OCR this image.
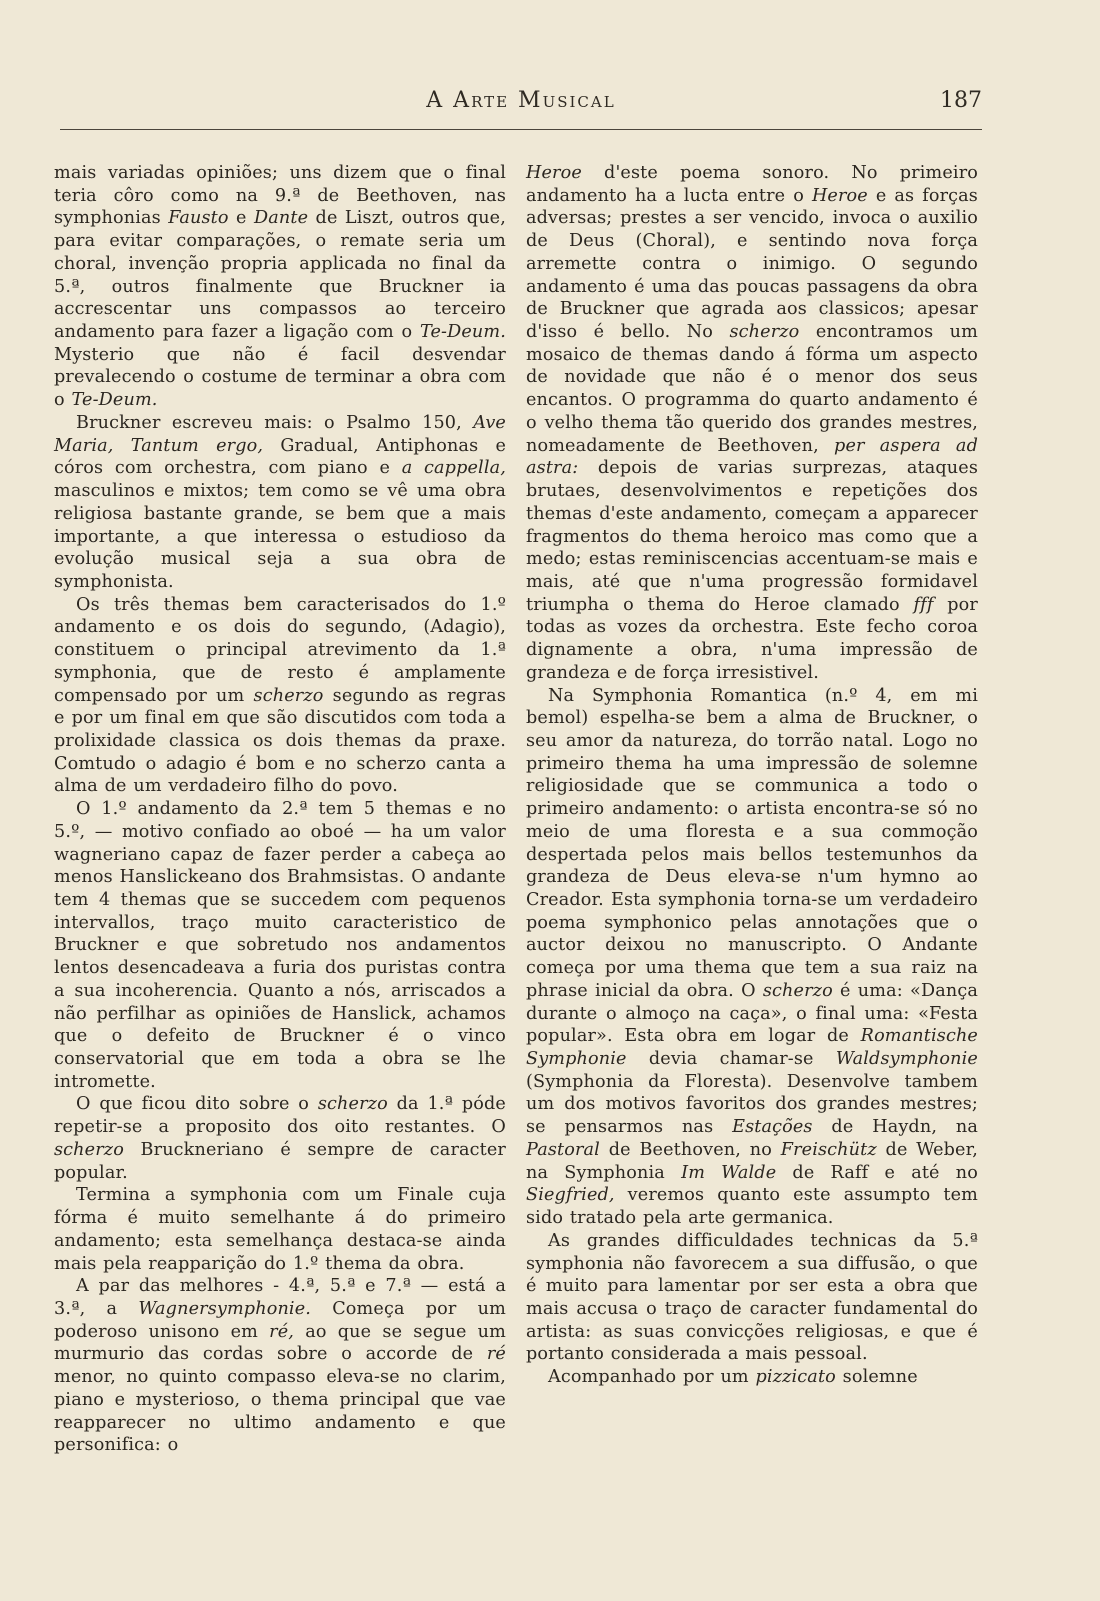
A Arte Musical	187

mais variadas opiniões; uns dizem que o final teria côro como na 9.ª de Beethoven, nas symphonias Fausto e Dante de Liszt, outros que, para evitar comparações, o remate seria um choral, invenção propria applicada no final da 5.ª, outros finalmente que Bruckner ia accrescentar uns compassos ao terceiro andamento para fazer a ligação com o Te-Deum. Mysterio que não é facil desvendar prevalecendo o costume de terminar a obra com o Te-Deum.

Bruckner escreveu mais: o Psalmo 150, Ave Maria, Tantum ergo, Gradual, Antiphonas e córos com orchestra, com piano e a cappella, masculinos e mixtos; tem como se vê uma obra religiosa bastante grande, se bem que a mais importante, a que interessa o estudioso da evolução musical seja a sua obra de symphonista.

Os três themas bem caracterisados do 1.º andamento e os dois do segundo, (Adagio), constituem o principal atrevimento da 1.ª symphonia, que de resto é amplamente compensado por um scherzo segundo as regras e por um final em que são discutidos com toda a prolixidade classica os dois themas da praxe. Comtudo o adagio é bom e no scherzo canta a alma de um verdadeiro filho do povo.

O 1.º andamento da 2.ª tem 5 themas e no 5.º, — motivo confiado ao oboé — ha um valor wagneriano capaz de fazer perder a cabeça ao menos Hanslickeano dos Brahmsistas. O andante tem 4 themas que se succedem com pequenos intervallos, traço muito caracteristico de Bruckner e que sobretudo nos andamentos lentos desencadeava a furia dos puristas contra a sua incoherencia. Quanto a nós, arriscados a não perfilhar as opiniões de Hanslick, achamos que o defeito de Bruckner é o vinco conservatorial que em toda a obra se lhe intromette.

O que ficou dito sobre o scherzo da 1.ª póde repetir-se a proposito dos oito restantes. O scherzo Bruckneriano é sempre de caracter popular.

Termina a symphonia com um Finale cuja fórma é muito semelhante á do primeiro andamento; esta semelhança destaca-se ainda mais pela reapparição do 1.º thema da obra.

A par das melhores - 4.ª, 5.ª e 7.ª — está a 3.ª, a Wagnersymphonie. Começa por um poderoso unisono em ré, ao que se segue um murmurio das cordas sobre o accorde de ré menor, no quinto compasso eleva-se no clarim, piano e mysterioso, o thema principal que vae reapparecer no ultimo andamento e que personifica: o

Heroe d'este poema sonoro. No primeiro andamento ha a lucta entre o Heroe e as forças adversas; prestes a ser vencido, invoca o auxilio de Deus (Choral), e sentindo nova força arremette contra o inimigo. O segundo andamento é uma das poucas passagens da obra de Bruckner que agrada aos classicos; apesar d'isso é bello. No scherzo encontramos um mosaico de themas dando á fórma um aspecto de novidade que não é o menor dos seus encantos. O programma do quarto andamento é o velho thema tão querido dos grandes mestres, nomeadamente de Beethoven, per aspera ad astra: depois de varias surprezas, ataques brutaes, desenvolvimentos e repetições dos themas d'este andamento, começam a apparecer fragmentos do thema heroico mas como que a medo; estas reminiscencias accentuam-se mais e mais, até que n'uma progressão formidavel triumpha o thema do Heroe clamado fff por todas as vozes da orchestra. Este fecho coroa dignamente a obra, n'uma impressão de grandeza e de força irresistivel.

Na Symphonia Romantica (n.º 4, em mi bemol) espelha-se bem a alma de Bruckner, o seu amor da natureza, do torrão natal. Logo no primeiro thema ha uma impressão de solemne religiosidade que se communica a todo o primeiro andamento: o artista encontra-se só no meio de uma floresta e a sua commoção despertada pelos mais bellos testemunhos da grandeza de Deus eleva-se n'um hymno ao Creador. Esta symphonia torna-se um verdadeiro poema symphonico pelas annotações que o auctor deixou no manuscripto. O Andante começa por uma thema que tem a sua raiz na phrase inicial da obra. O scherzo é uma: «Dança durante o almoço na caça», o final uma: «Festa popular». Esta obra em logar de Romantische Symphonie devia chamar-se Waldsymphonie (Symphonia da Floresta). Desenvolve tambem um dos motivos favoritos dos grandes mestres; se pensarmos nas Estações de Haydn, na Pastoral de Beethoven, no Freischütz de Weber, na Symphonia Im Walde de Raff e até no Siegfried, veremos quanto este assumpto tem sido tratado pela arte germanica.

As grandes difficuldades technicas da 5.ª symphonia não favorecem a sua diffusão, o que é muito para lamentar por ser esta a obra que mais accusa o traço de caracter fundamental do artista: as suas convicções religiosas, e que é portanto considerada a mais pessoal.

Acompanhado por um pizzicato solemne
